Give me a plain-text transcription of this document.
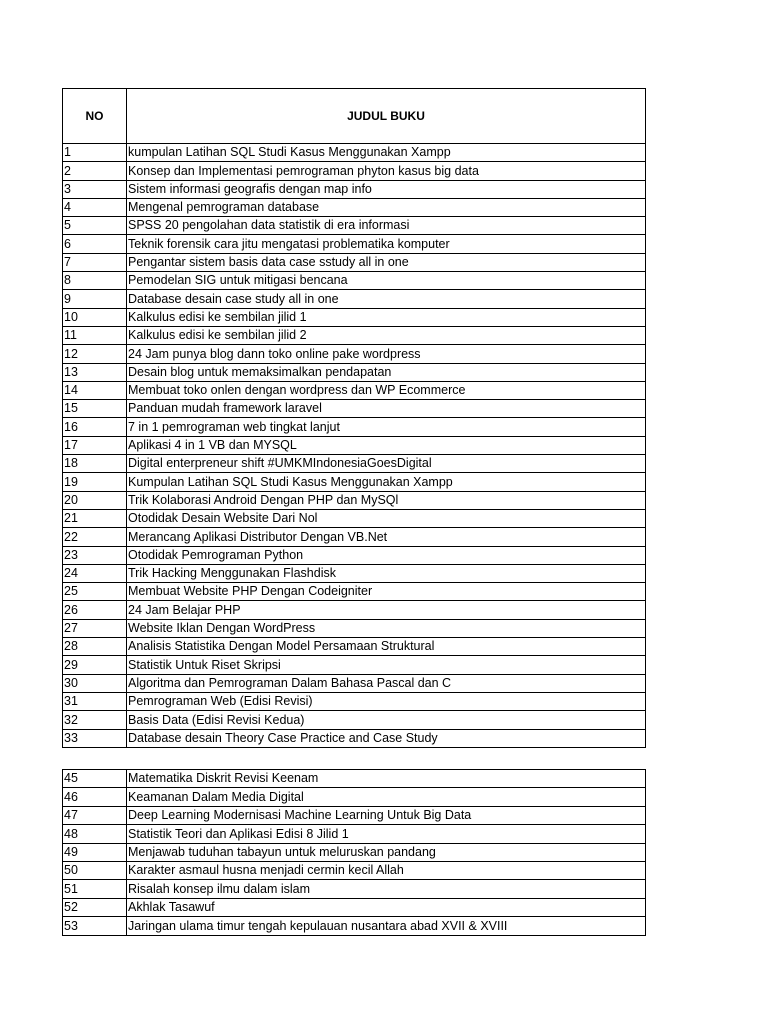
NO	JUDUL BUKU
1	kumpulan Latihan SQL Studi Kasus Menggunakan Xampp
2	Konsep dan Implementasi pemrograman phyton kasus big data
3	Sistem informasi geografis dengan map info
4	Mengenal pemrograman database
5	SPSS 20 pengolahan data statistik di era informasi
6	Teknik forensik cara jitu mengatasi problematika komputer
7	Pengantar sistem basis data case sstudy all in one
8	Pemodelan SIG untuk mitigasi bencana
9	Database desain case study all in one
10	Kalkulus edisi ke sembilan jilid 1
11	Kalkulus edisi ke sembilan jilid 2
12	24 Jam punya blog dann toko online pake wordpress
13	Desain blog untuk memaksimalkan pendapatan
14	Membuat toko onlen dengan wordpress dan WP Ecommerce
15	Panduan mudah framework laravel
16	7 in 1 pemrograman web tingkat lanjut
17	Aplikasi 4 in 1 VB dan MYSQL
18	Digital enterpreneur shift #UMKMIndonesiaGoesDigital
19	Kumpulan Latihan SQL Studi Kasus Menggunakan Xampp
20	Trik Kolaborasi Android Dengan PHP dan MySQl
21	Otodidak Desain Website Dari Nol
22	Merancang Aplikasi Distributor Dengan VB.Net
23	Otodidak Pemrograman Python
24	Trik Hacking Menggunakan Flashdisk
25	Membuat Website PHP Dengan Codeigniter
26	24 Jam Belajar PHP
27	Website Iklan Dengan WordPress
28	Analisis Statistika Dengan Model Persamaan Struktural
29	Statistik Untuk Riset Skripsi
30	Algoritma dan Pemrograman Dalam Bahasa Pascal dan C
31	Pemrograman Web (Edisi Revisi)
32	Basis Data (Edisi Revisi Kedua)
33	Database desain Theory Case Practice and Case Study
45	Matematika Diskrit Revisi Keenam
46	Keamanan Dalam Media Digital
47	Deep Learning Modernisasi Machine Learning Untuk Big Data
48	Statistik Teori dan Aplikasi Edisi 8 Jilid 1
49	Menjawab tuduhan tabayun untuk meluruskan pandang
50	Karakter asmaul husna menjadi cermin kecil Allah
51	Risalah konsep ilmu dalam islam
52	Akhlak Tasawuf
53	Jaringan ulama timur tengah kepulauan nusantara abad XVII & XVIII
